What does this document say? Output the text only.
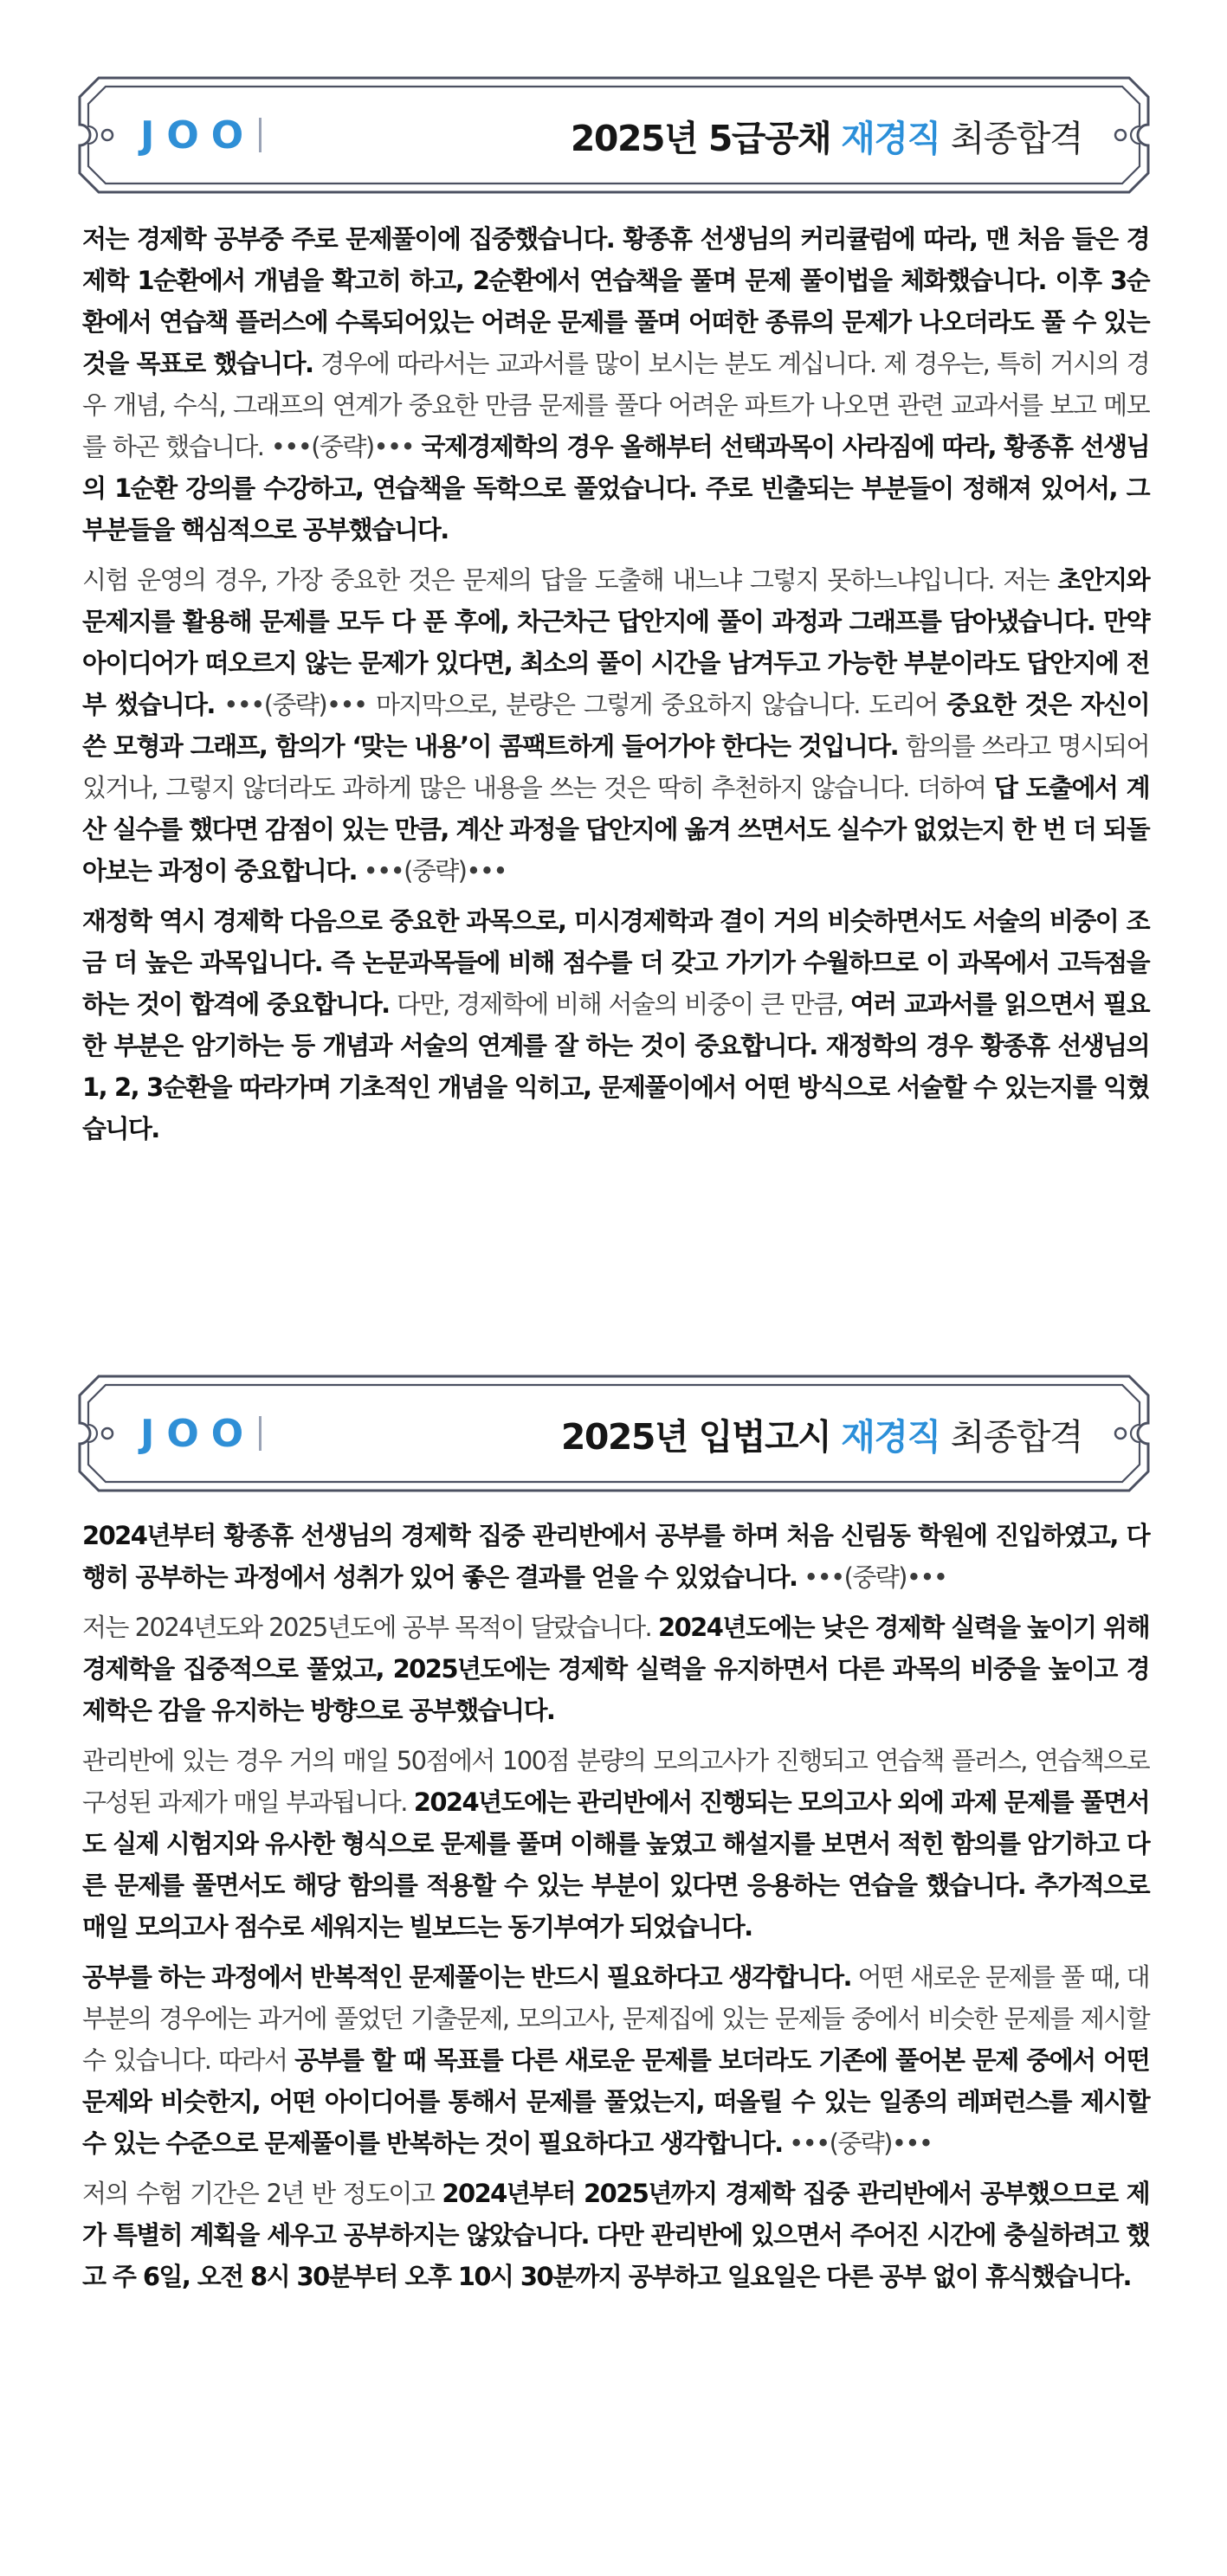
JOO	2025년 5급공채 재경직 최종합격

저는 경제학 공부중 주로 문제풀이에 집중했습니다. 황종휴 선생님의 커리큘럼에 따라, 맨 처음 들은 경제학 1순환에서 개념을 확고히 하고, 2순환에서 연습책을 풀며 문제 풀이법을 체화했습니다. 이후 3순환에서 연습책 플러스에 수록되어있는 어려운 문제를 풀며 어떠한 종류의 문제가 나오더라도 풀 수 있는 것을 목표로 했습니다. 경우에 따라서는 교과서를 많이 보시는 분도 계십니다. 제 경우는, 특히 거시의 경우 개념, 수식, 그래프의 연계가 중요한 만큼 문제를 풀다 어려운 파트가 나오면 관련 교과서를 보고 메모를 하곤 했습니다. •••(중략)••• 국제경제학의 경우 올해부터 선택과목이 사라짐에 따라, 황종휴 선생님의 1순환 강의를 수강하고, 연습책을 독학으로 풀었습니다. 주로 빈출되는 부분들이 정해져 있어서, 그 부분들을 핵심적으로 공부했습니다.

시험 운영의 경우, 가장 중요한 것은 문제의 답을 도출해 내느냐 그렇지 못하느냐입니다. 저는 초안지와 문제지를 활용해 문제를 모두 다 푼 후에, 차근차근 답안지에 풀이 과정과 그래프를 담아냈습니다. 만약 아이디어가 떠오르지 않는 문제가 있다면, 최소의 풀이 시간을 남겨두고 가능한 부분이라도 답안지에 전부 썼습니다. •••(중략)••• 마지막으로, 분량은 그렇게 중요하지 않습니다. 도리어 중요한 것은 자신이 쓴 모형과 그래프, 함의가 ‘맞는 내용’이 콤팩트하게 들어가야 한다는 것입니다. 함의를 쓰라고 명시되어 있거나, 그렇지 않더라도 과하게 많은 내용을 쓰는 것은 딱히 추천하지 않습니다. 더하여 답 도출에서 계산 실수를 했다면 감점이 있는 만큼, 계산 과정을 답안지에 옮겨 쓰면서도 실수가 없었는지 한 번 더 되돌아보는 과정이 중요합니다. •••(중략)•••

재정학 역시 경제학 다음으로 중요한 과목으로, 미시경제학과 결이 거의 비슷하면서도 서술의 비중이 조금 더 높은 과목입니다. 즉 논문과목들에 비해 점수를 더 갖고 가기가 수월하므로 이 과목에서 고득점을 하는 것이 합격에 중요합니다. 다만, 경제학에 비해 서술의 비중이 큰 만큼, 여러 교과서를 읽으면서 필요한 부분은 암기하는 등 개념과 서술의 연계를 잘 하는 것이 중요합니다. 재정학의 경우 황종휴 선생님의 1, 2, 3순환을 따라가며 기초적인 개념을 익히고, 문제풀이에서 어떤 방식으로 서술할 수 있는지를 익혔습니다.

JOO	2025년 입법고시 재경직 최종합격

2024년부터 황종휴 선생님의 경제학 집중 관리반에서 공부를 하며 처음 신림동 학원에 진입하였고, 다행히 공부하는 과정에서 성취가 있어 좋은 결과를 얻을 수 있었습니다. •••(중략)•••

저는 2024년도와 2025년도에 공부 목적이 달랐습니다. 2024년도에는 낮은 경제학 실력을 높이기 위해 경제학을 집중적으로 풀었고, 2025년도에는 경제학 실력을 유지하면서 다른 과목의 비중을 높이고 경제학은 감을 유지하는 방향으로 공부했습니다.

관리반에 있는 경우 거의 매일 50점에서 100점 분량의 모의고사가 진행되고 연습책 플러스, 연습책으로 구성된 과제가 매일 부과됩니다. 2024년도에는 관리반에서 진행되는 모의고사 외에 과제 문제를 풀면서도 실제 시험지와 유사한 형식으로 문제를 풀며 이해를 높였고 해설지를 보면서 적힌 함의를 암기하고 다른 문제를 풀면서도 해당 함의를 적용할 수 있는 부분이 있다면 응용하는 연습을 했습니다. 추가적으로 매일 모의고사 점수로 세워지는 빌보드는 동기부여가 되었습니다.

공부를 하는 과정에서 반복적인 문제풀이는 반드시 필요하다고 생각합니다. 어떤 새로운 문제를 풀 때, 대부분의 경우에는 과거에 풀었던 기출문제, 모의고사, 문제집에 있는 문제들 중에서 비슷한 문제를 제시할 수 있습니다. 따라서 공부를 할 때 목표를 다른 새로운 문제를 보더라도 기존에 풀어본 문제 중에서 어떤 문제와 비슷한지, 어떤 아이디어를 통해서 문제를 풀었는지, 떠올릴 수 있는 일종의 레퍼런스를 제시할 수 있는 수준으로 문제풀이를 반복하는 것이 필요하다고 생각합니다. •••(중략)•••

저의 수험 기간은 2년 반 정도이고 2024년부터 2025년까지 경제학 집중 관리반에서 공부했으므로 제가 특별히 계획을 세우고 공부하지는 않았습니다. 다만 관리반에 있으면서 주어진 시간에 충실하려고 했고 주 6일, 오전 8시 30분부터 오후 10시 30분까지 공부하고 일요일은 다른 공부 없이 휴식했습니다.
